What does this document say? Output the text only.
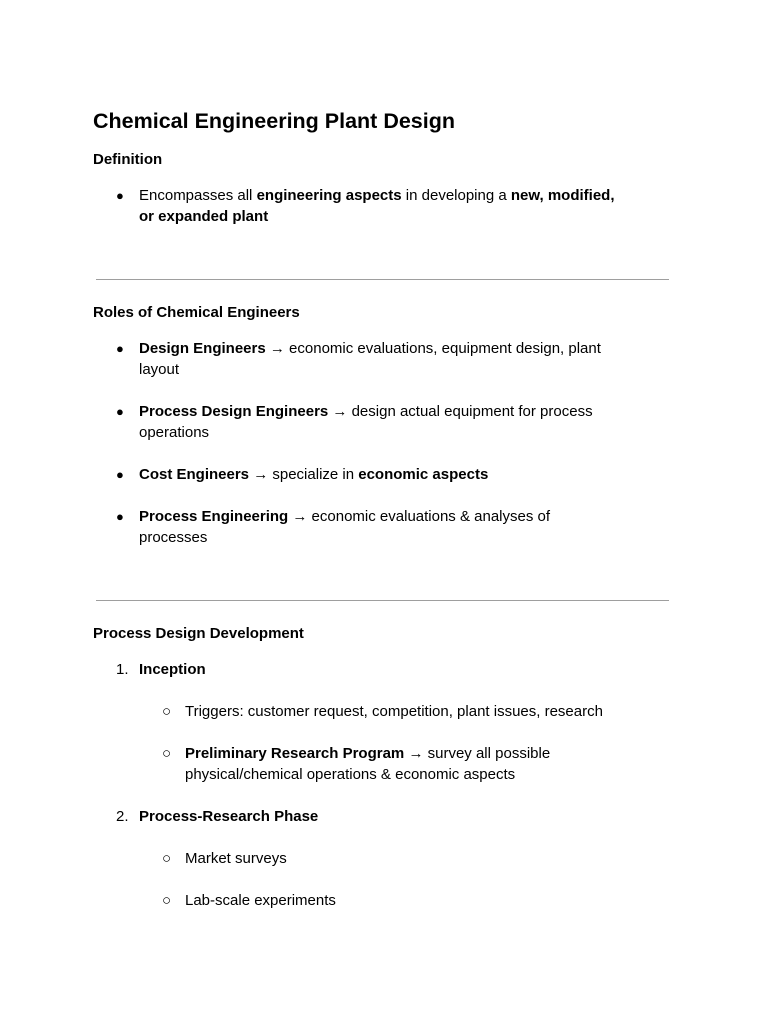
Chemical Engineering Plant Design
Definition
● Encompasses all engineering aspects in developing a new, modified,
or expanded plant
Roles of Chemical Engineers
● Design Engineers → economic evaluations, equipment design, plant
layout
● Process Design Engineers → design actual equipment for process
operations
● Cost Engineers → specialize in economic aspects
● Process Engineering → economic evaluations & analyses of
processes
Process Design Development
1. Inception
○ Triggers: customer request, competition, plant issues, research
○ Preliminary Research Program → survey all possible
physical/chemical operations & economic aspects
2. Process-Research Phase
○ Market surveys
○ Lab-scale experiments
